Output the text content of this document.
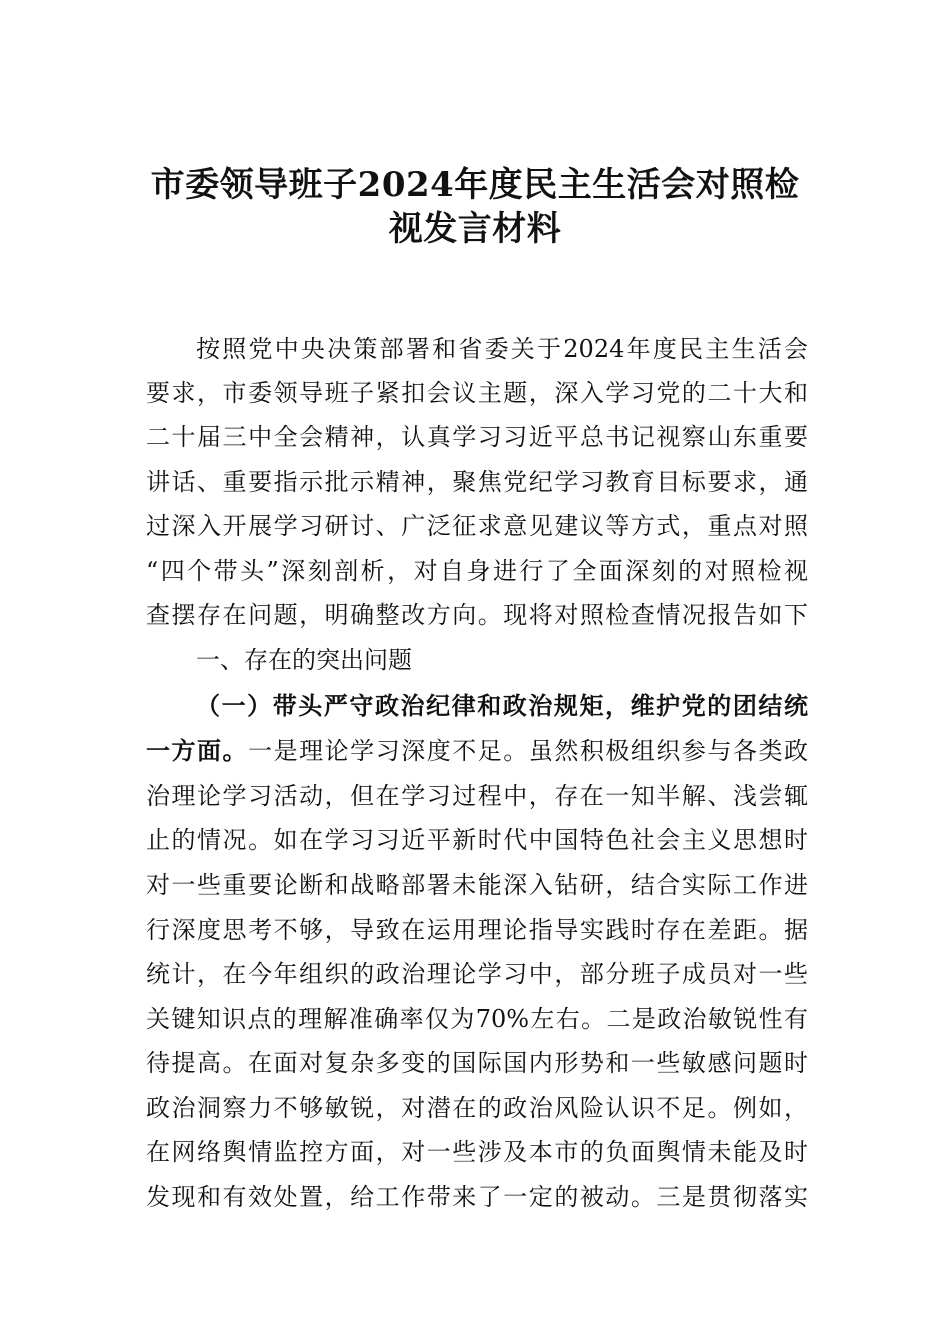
市委领导班子2024年度民主生活会对照检
视发言材料
按照党中央决策部署和省委关于2024年度民主生活会
要求，市委领导班子紧扣会议主题，深入学习党的二十大和
二十届三中全会精神，认真学习习近平总书记视察山东重要
讲话、重要指示批示精神，聚焦党纪学习教育目标要求，通
过深入开展学习研讨、广泛征求意见建议等方式，重点对照
“四个带头”深刻剖析，对自身进行了全面深刻的对照检视
查摆存在问题，明确整改方向。现将对照检查情况报告如下
一、存在的突出问题
（一）带头严守政治纪律和政治规矩，维护党的团结统
一方面。一是理论学习深度不足。虽然积极组织参与各类政
治理论学习活动，但在学习过程中，存在一知半解、浅尝辄
止的情况。如在学习习近平新时代中国特色社会主义思想时
对一些重要论断和战略部署未能深入钻研，结合实际工作进
行深度思考不够，导致在运用理论指导实践时存在差距。据
统计，在今年组织的政治理论学习中，部分班子成员对一些
关键知识点的理解准确率仅为70%左右。二是政治敏锐性有
待提高。在面对复杂多变的国际国内形势和一些敏感问题时
政治洞察力不够敏锐，对潜在的政治风险认识不足。例如，
在网络舆情监控方面，对一些涉及本市的负面舆情未能及时
发现和有效处置，给工作带来了一定的被动。三是贯彻落实
